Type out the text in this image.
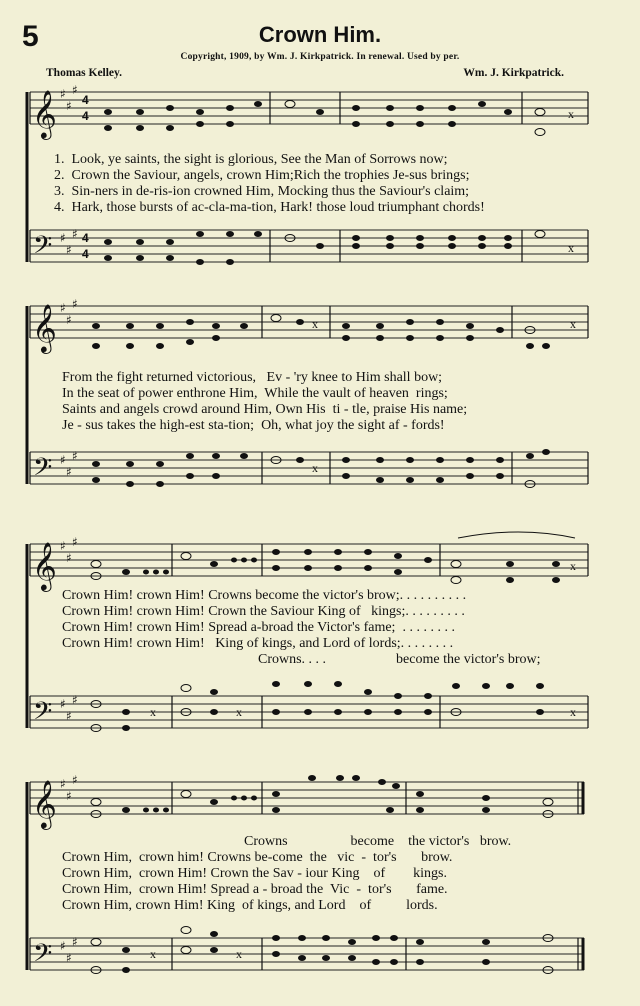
5	Crown Him.
Copyright, 1909, by Wm. J. Kirkpatrick. In renewal. Used by per.
Thomas Kelley.	Wm. J. Kirkpatrick.
𝄞 ♯
♯
♯
4
4	x
𝄢 ♯
♯
♯ 4
4	x
1.  Look, ye saints, the sight is glorious, See the Man of Sorrows now;
2.  Crown the Saviour, angels, crown Him;Rich the trophies Je-sus brings;
3.  Sin-ners in de-ris-ion crowned Him, Mocking thus the Saviour's claim;
4.  Hark, those bursts of ac-cla-ma-tion, Hark! those loud triumphant chords!
𝄞 ♯
♯
♯
x	x
𝄢 ♯
♯
♯
x
From the fight returned victorious,   Ev - 'ry knee to Him shall bow;
In the seat of power enthrone Him,  While the vault of heaven  rings;
Saints and angels crowd around Him, Own His  ti - tle, praise His name;
Je - sus takes the high-est sta-tion;  Oh, what joy the sight af - fords!
𝄞 ♯
♯
♯
x
𝄢 ♯
♯
♯
x	x	x
Crown Him! crown Him! Crowns become the victor's brow;. . . . . . . . . .
Crown Him! crown Him! Crown the Saviour King of   kings;. . . . . . . . .
Crown Him! crown Him! Spread a-broad the Victor's fame;  . . . . . . . .
Crown Him! crown Him!   King of kings, and Lord of lords;. . . . . . . .
Crowns. . . .                    become the victor's brow;
𝄞 ♯
♯
♯
𝄢 ♯
♯
♯
x	x
Crowns                  become    the victor's   brow.
Crown Him,  crown him! Crowns be-come  the   vic  -  tor's       brow.
Crown Him,  crown Him! Crown the Sav - iour King    of        kings.
Crown Him,  crown Him! Spread a - broad the  Vic  -  tor's       fame.
Crown Him, crown Him! King  of kings, and Lord    of          lords.
